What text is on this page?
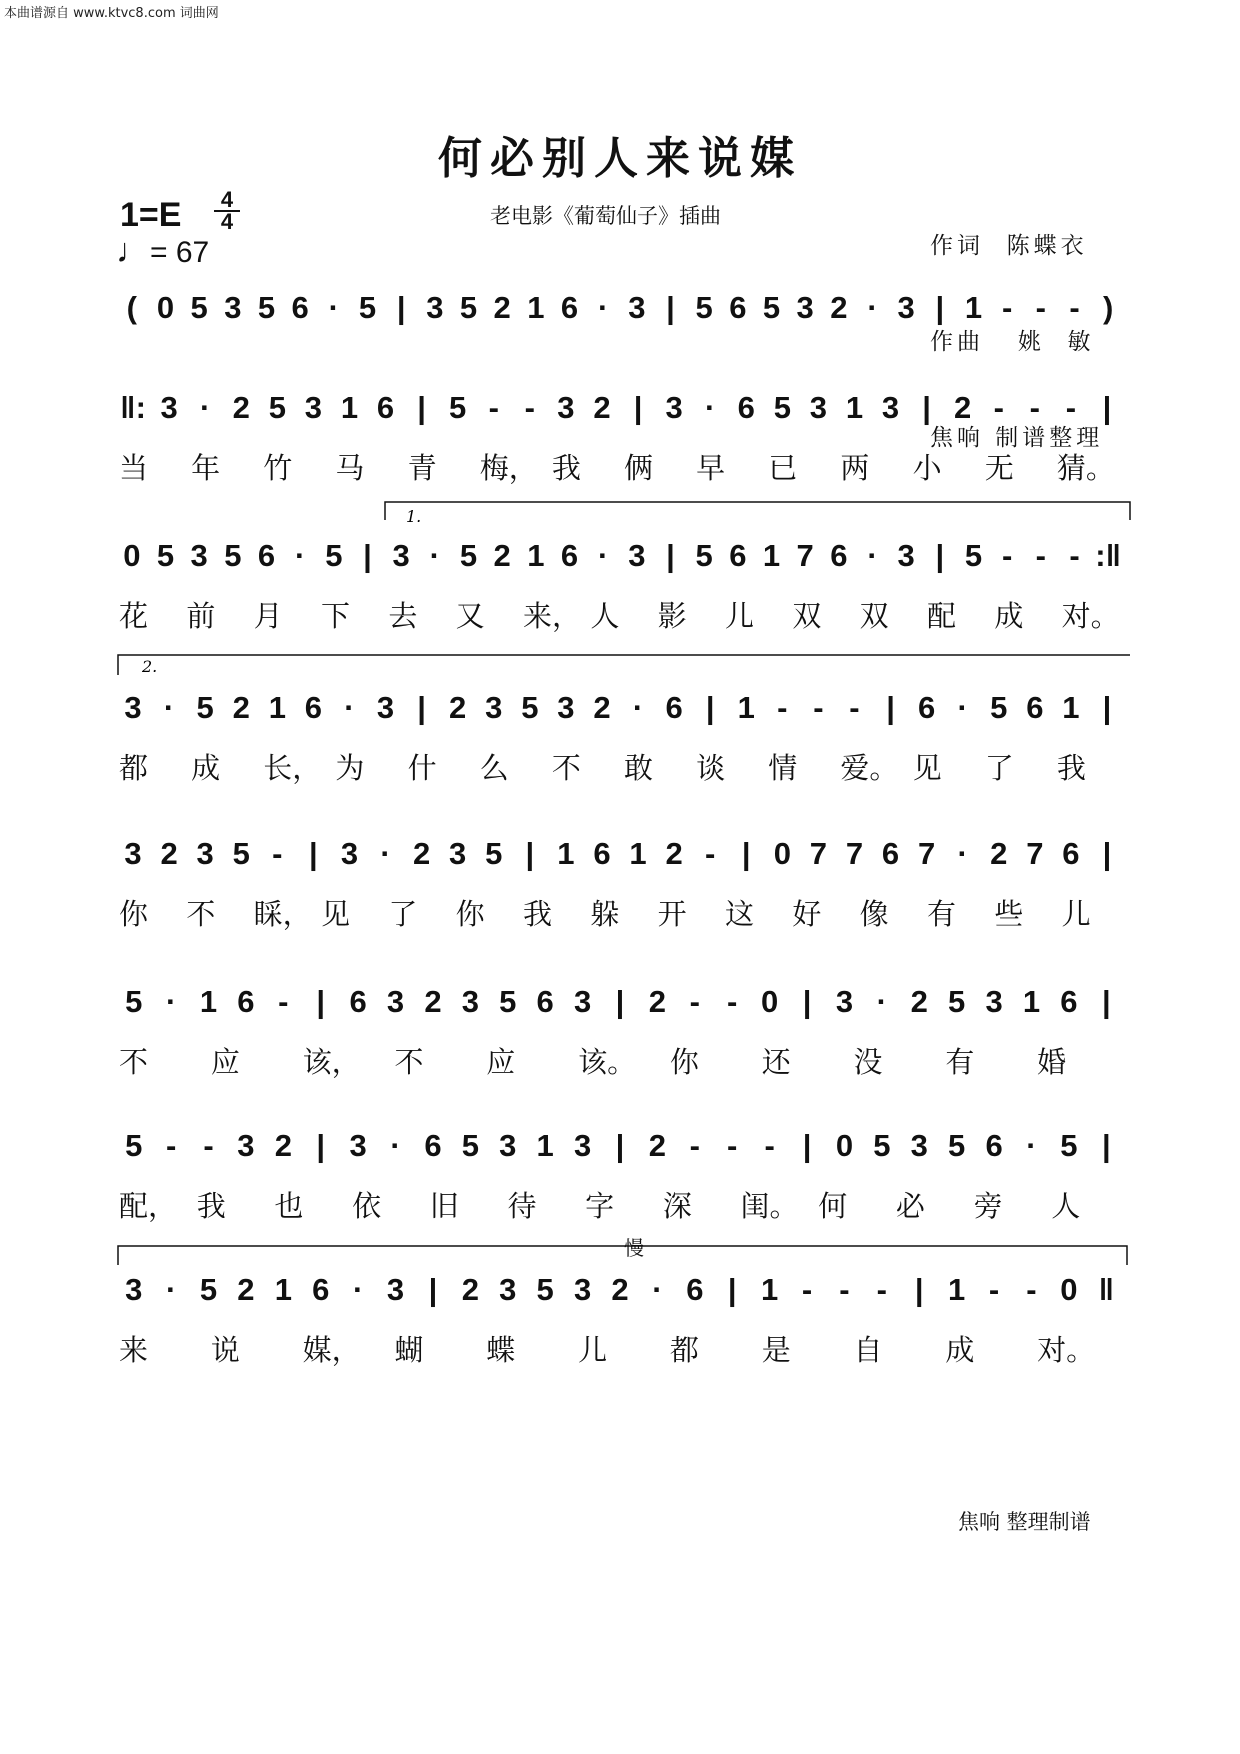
本曲谱源自 www.ktvc8.com 词曲网
何必别人来说媒
1=E	4
4
♩= 67
老电影《葡萄仙子》插曲

作词  陈蝶衣

作曲   姚  敏

焦响 制谱整理

慢
( 0 5 3 5 6 · 5 | 3 5 2 1 6 · 3 | 5 6 5 3 2 · 3 | 1 - - - )
‖: 3 · 2 5 3 1 6 | 5 - - 3 2 | 3 · 6 5 3 1 3 | 2 - - - |
当 年 竹 马 青 梅， 我 俩 早 已 两 小 无 猜。
0 5 3 5 6 · 5 | 3 · 5 2 1 6 · 3 | 5 6 1 7 6 · 3 | 5 - - - :‖
花 前 月 下 去 又 来， 人 影 儿 双 双 配 成 对。
3 · 5 2 1 6 · 3 | 2 3 5 3 2 · 6 | 1 - - - | 6 · 5 6 1 |
都 成 长， 为 什 么 不 敢 谈 情 爱。 见 了 我
3 2 3 5 - | 3 · 2 3 5 | 1 6 1 2 - | 0 7 7 6 7 · 2 7 6 |
你 不 睬， 见 了 你 我 躲 开 这 好 像 有 些 儿
5 · 1 6 - | 6 3 2 3 5 6 3 | 2 - - 0 | 3 · 2 5 3 1 6 |
不 应 该， 不 应 该。 你 还 没 有 婚
5 - - 3 2 | 3 · 6 5 3 1 3 | 2 - - - | 0 5 3 5 6 · 5 |
配， 我 也 依 旧 待 字 深 闺。 何 必 旁 人
3 · 5 2 1 6 · 3 | 2 3 5 3 2 · 6 | 1 - - - | 1 - - 0 ‖
来 说 媒， 蝴 蝶 儿 都 是 自 成 对。
焦响 整理制谱
1.
2.
